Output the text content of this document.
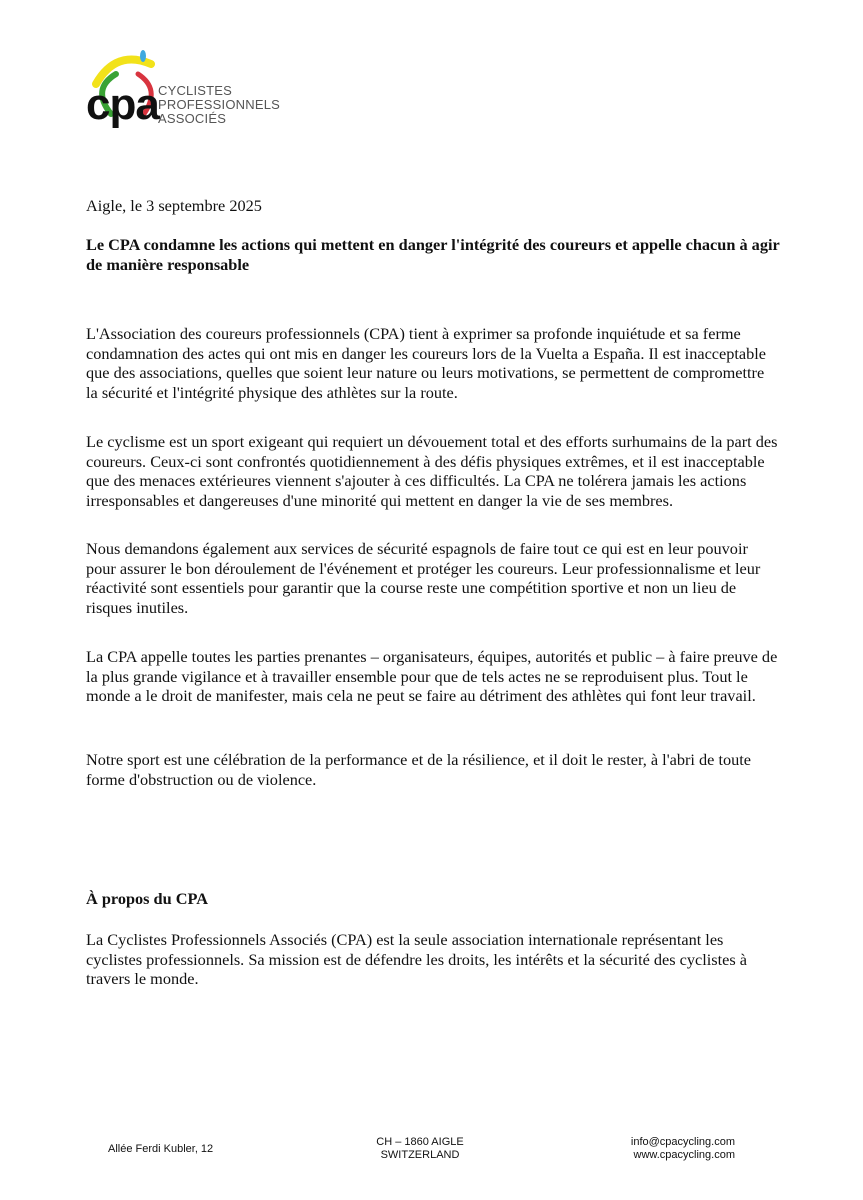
cpa CYCLISTES
PROFESSIONNELS
ASSOCIÉS

Aigle, le 3 septembre 2025

Le CPA condamne les actions qui mettent en danger l'intégrité des coureurs et appelle chacun à agir de manière responsable

L'Association des coureurs professionnels (CPA) tient à exprimer sa profonde inquiétude et sa ferme condamnation des actes qui ont mis en danger les coureurs lors de la Vuelta a España. Il est inacceptable que des associations, quelles que soient leur nature ou leurs motivations, se permettent de compromettre la sécurité et l'intégrité physique des athlètes sur la route.

Le cyclisme est un sport exigeant qui requiert un dévouement total et des efforts surhumains de la part des coureurs. Ceux-ci sont confrontés quotidiennement à des défis physiques extrêmes, et il est inacceptable que des menaces extérieures viennent s'ajouter à ces difficultés. La CPA ne tolérera jamais les actions irresponsables et dangereuses d'une minorité qui mettent en danger la vie de ses membres.

Nous demandons également aux services de sécurité espagnols de faire tout ce qui est en leur pouvoir pour assurer le bon déroulement de l'événement et protéger les coureurs. Leur professionnalisme et leur réactivité sont essentiels pour garantir que la course reste une compétition sportive et non un lieu de risques inutiles.

La CPA appelle toutes les parties prenantes – organisateurs, équipes, autorités et public – à faire preuve de la plus grande vigilance et à travailler ensemble pour que de tels actes ne se reproduisent plus. Tout le monde a le droit de manifester, mais cela ne peut se faire au détriment des athlètes qui font leur travail.

Notre sport est une célébration de la performance et de la résilience, et il doit le rester, à l'abri de toute forme d'obstruction ou de violence.

À propos du CPA

La Cyclistes Professionnels Associés (CPA) est la seule association internationale représentant les cyclistes professionnels. Sa mission est de défendre les droits, les intérêts et la sécurité des cyclistes à travers le monde.

Allée Ferdi Kubler, 12
CH – 1860 AIGLE
SWITZERLAND
info@cpacycling.com
www.cpacycling.com
